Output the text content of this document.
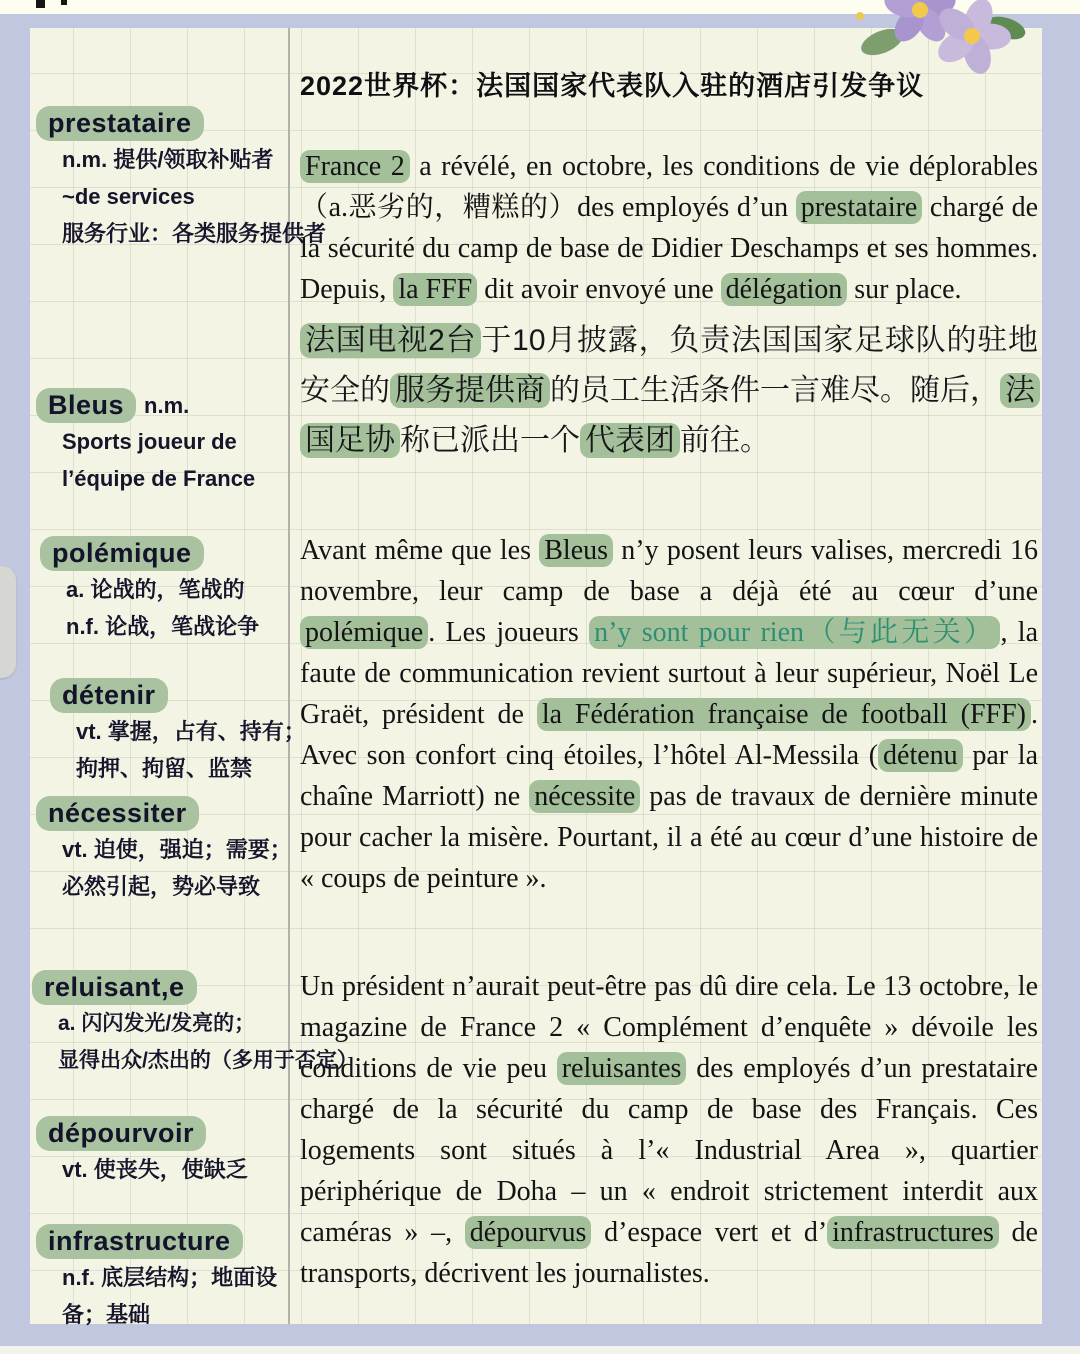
2022世界杯：法国国家代表队入驻的酒店引发争议
France 2 a révélé, en octobre, les conditions de vie déplorables（a.恶劣的，糟糕的）des employés d’un prestataire chargé de la sécurité du camp de base de Didier Deschamps et ses hommes. Depuis, la FFF dit avoir envoyé une délégation sur place.
法国电视2台 于10月披露，负责法国国家足球队的驻地安全的 服务提供商 的员工生活条件一言难尽。随后， 法国足协 称已派出一个 代表团 前往。
Avant même que les Bleus n’y posent leurs valises, mercredi 16 novembre, leur camp de base a déjà été au cœur d’une polémique . Les joueurs n’y sont pour rien（与此无关） , la faute de communication revient surtout à leur supérieur, Noël Le Graët, président de la Fédération française de football (FFF) . Avec son confort cinq étoiles, l’hôtel Al-Messila ( détenu par la chaîne Marriott) ne nécessite pas de travaux de dernière minute pour cacher la misère. Pourtant, il a été au cœur d’une histoire de « coups de peinture ».
Un président n’aurait peut-être pas dû dire cela. Le 13 octobre, le magazine de France 2 « Complément d’enquête » dévoile les conditions de vie peu reluisantes des employés d’un prestataire chargé de la sécurité du camp de base des Français. Ces logements sont situés à l’« Industrial Area », quartier périphérique de Doha – un « endroit strictement interdit aux caméras » –, dépourvus d’espace vert et d’ infrastructures de transports, décrivent les journalistes.
prestataire
n.m. 提供/领取补贴者
~de services
服务行业：各类服务提供者
Bleus n.m.
Sports joueur de
l’équipe de France
polémique
a. 论战的，笔战的
n.f. 论战，笔战论争
détenir
vt. 掌握，占有、持有；
拘押、拘留、监禁
nécessiter
vt. 迫使，强迫；需要；
必然引起，势必导致
reluisant,e
a. 闪闪发光/发亮的；
显得出众/杰出的（多用于否定）
dépourvoir
vt. 使丧失，使缺乏
infrastructure
n.f. 底层结构；地面设
备；基础
